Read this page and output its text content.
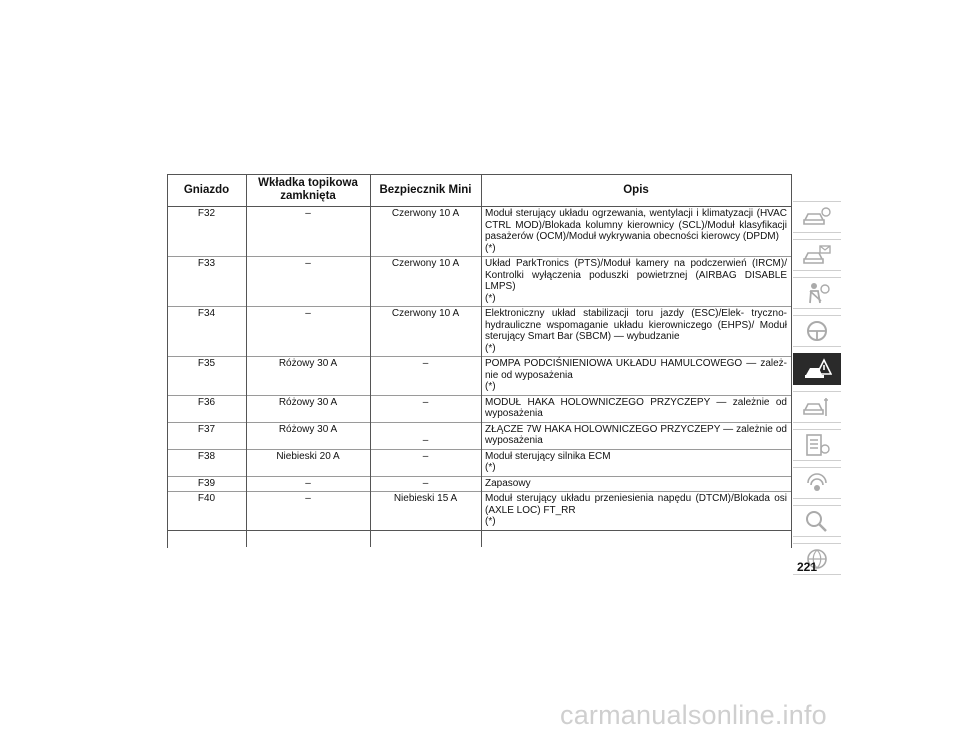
Gniazdo	Wkładka topikowa zamknięta	Bezpiecznik Mini	Opis
F32	–	Czerwony 10 A	Moduł sterujący układu ogrzewania, wentylacji i klimatyzacji (HVAC CTRL MOD)/Blokada kolumny kierownicy (SCL)/Moduł klasyfikacji pasażerów (OCM)/Moduł wykrywania obecności kierowcy (DPDM)
(*)
F33	–	Czerwony 10 A	Układ ParkTronics (PTS)/Moduł kamery na podczerwień (IRCM)/ Kontrolki wyłączenia poduszki powietrznej (AIRBAG DISABLE LMPS)
(*)
F34	–	Czerwony 10 A	Elektroniczny układ stabilizacji toru jazdy (ESC)/Elek- tryczno-hydrauliczne wspomaganie układu kierowniczego (EHPS)/ Moduł sterujący Smart Bar (SBCM) — wybudzanie
(*)
F35	Różowy 30 A	–	POMPA PODCIŚNIENIOWA UKŁADU HAMULCOWEGO — zależ- nie od wyposażenia
(*)
F36	Różowy 30 A	–	MODUŁ HAKA HOLOWNICZEGO PRZYCZEPY — zależnie od wyposażenia
F37	Różowy 30 A	–	ZŁĄCZE 7W HAKA HOLOWNICZEGO PRZYCZEPY — zależnie od wyposażenia
F38	Niebieski 20 A	–	Moduł sterujący silnika ECM
(*)
F39	–	–	Zapasowy
F40	–	Niebieski 15 A	Moduł sterujący układu przeniesienia napędu (DTCM)/Blokada osi (AXLE LOC) FT_RR
(*)
221
carmanualsonline.info
